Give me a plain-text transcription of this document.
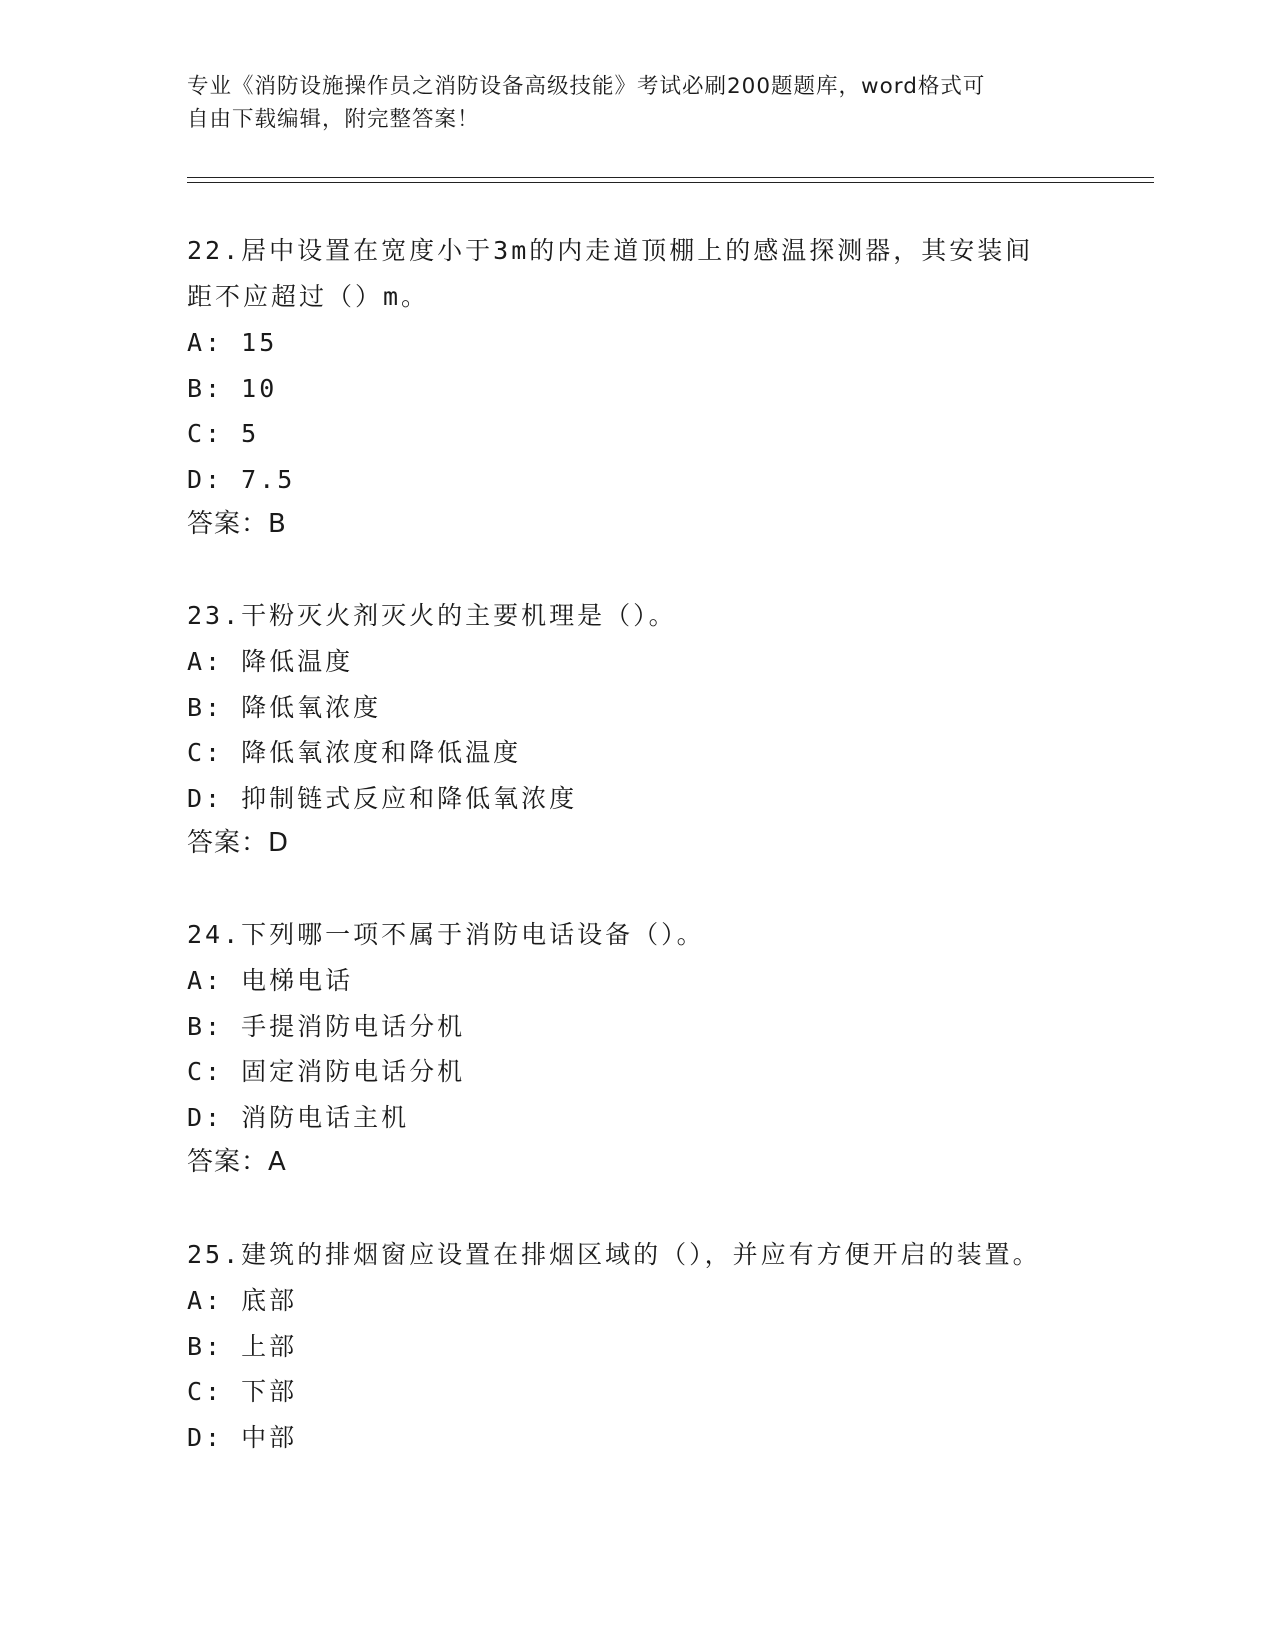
专业《消防设施操作员之消防设备高级技能》考试必刷200题题库，word格式可
自由下载编辑，附完整答案！
22.居中设置在宽度小于3m的内走道顶棚上的感温探测器，其安装间
距不应超过（）m。
A: 15
B: 10
C: 5
D: 7.5
答案：B
23.干粉灭火剂灭火的主要机理是（）。
A: 降低温度
B: 降低氧浓度
C: 降低氧浓度和降低温度
D: 抑制链式反应和降低氧浓度
答案：D
24.下列哪一项不属于消防电话设备（）。
A: 电梯电话
B: 手提消防电话分机
C: 固定消防电话分机
D: 消防电话主机
答案：A
25.建筑的排烟窗应设置在排烟区域的（），并应有方便开启的装置。
A: 底部
B: 上部
C: 下部
D: 中部
